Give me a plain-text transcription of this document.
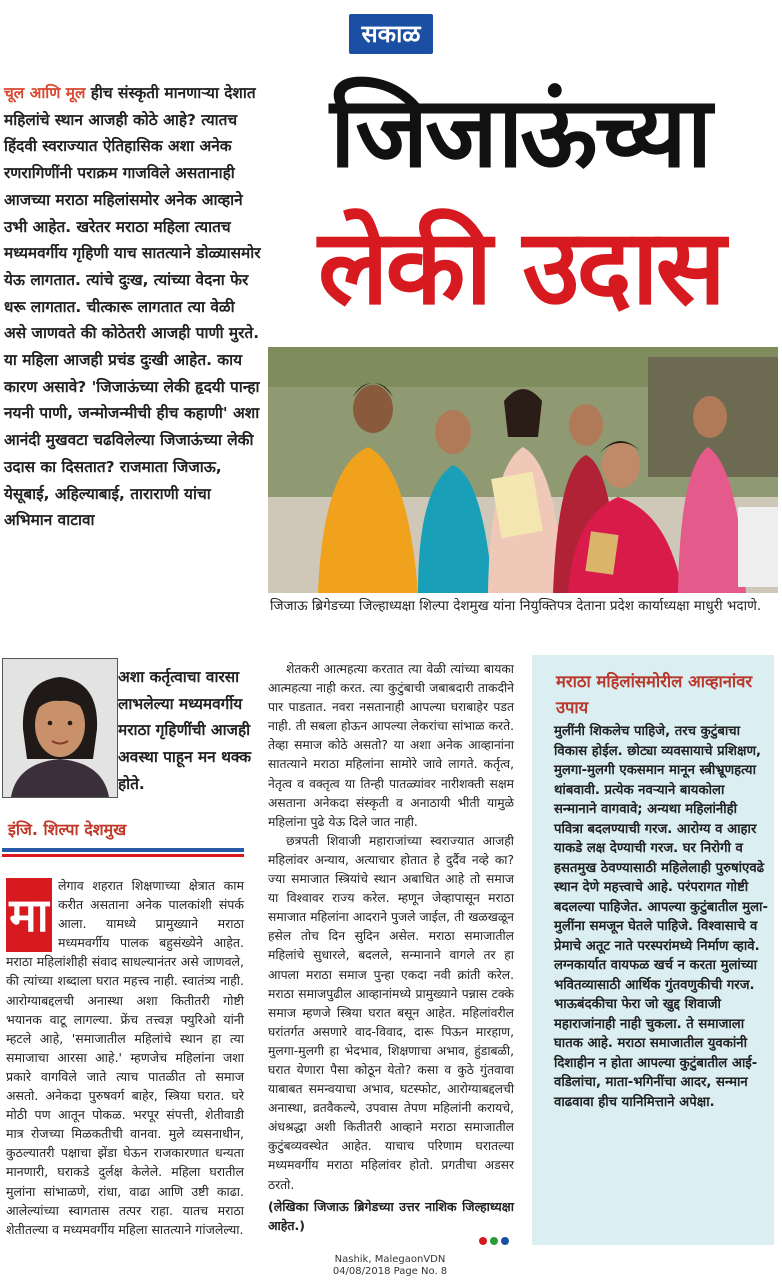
सकाळ
जिजाऊंच्या
लेकी उदास
चूल आणि मूल हीच संस्कृती मानणाऱ्या देशात महिलांचे स्थान आजही कोठे आहे? त्यातच हिंदवी स्वराज्यात ऐतिहासिक अशा अनेक रणरागिणींनी पराक्रम गाजविले असतानाही आजच्या मराठा महिलांसमोर अनेक आव्हाने उभी आहेत. खरेतर मराठा महिला त्यातच मध्यमवर्गीय गृहिणी याच सातत्याने डोळ्यासमोर येऊ लागतात. त्यांचे दुःख, त्यांच्या वेदना फेर धरू लागतात. चीत्कारू लागतात त्या वेळी असे जाणवते की कोठेतरी आजही पाणी मुरते. या महिला आजही प्रचंड दुःखी आहेत. काय कारण असावे? 'जिजाऊंच्या लेकी हृदयी पान्हा नयनी पाणी, जन्मोजन्मीची हीच कहाणी' अशा आनंदी मुखवटा चढविलेल्या जिजाऊंच्या लेकी उदास का दिसतात? राजमाता जिजाऊ, येसूबाई, अहिल्याबाई, ताराराणी यांचा अभिमान वाटावा
अशा कर्तृत्वाचा वारसा लाभलेल्या मध्यमवर्गीय मराठा गृहिणींची आजही अवस्था पाहून मन थक्क होते.
इंजि. शिल्पा देशमुख
जिजाऊ ब्रिगेडच्या जिल्हाध्यक्षा शिल्पा देशमुख यांना नियुक्तिपत्र देताना प्रदेश कार्याध्यक्षा माधुरी भदाणे.
मा
लेगाव शहरात शिक्षणाच्या क्षेत्रात काम करीत असताना अनेक पालकांशी संपर्क आला. यामध्ये प्रामुख्याने मराठा मध्यमवर्गीय पालक बहुसंख्येने आहेत. मराठा महिलांशीही संवाद साधल्यानंतर असे जाणवले, की त्यांच्या शब्दाला घरात महत्त्व नाही. स्वातंत्र्य नाही. आरोग्याबद्दलची अनास्था अशा कितीतरी गोष्टी भयानक वाटू लागल्या. फ्रेंच तत्त्वज्ञ फ्युरिओ यांनी म्हटले आहे, 'समाजातील महिलांचे स्थान हा त्या समाजाचा आरसा आहे.' म्हणजेच महिलांना जशा प्रकारे वागविले जाते त्याच पातळीत तो समाज असतो. अनेकदा पुरुषवर्ग बाहेर, स्त्रिया घरात. घरे मोठी पण आतून पोकळ. भरपूर संपत्ती, शेतीवाडी मात्र रोजच्या मिळकतीची वानवा. मुले व्यसनाधीन, कुठल्यातरी पक्षाचा झेंडा घेऊन राजकारणात धन्यता मानणारी, घराकडे दुर्लक्ष केलेले. महिला घरातील मुलांना सांभाळणे, रांधा, वाढा आणि उष्टी काढा. आलेल्यांच्या स्वागतास तत्पर राहा. यातच मराठा शेतीतल्या व मध्यमवर्गीय महिला सातत्याने गांजलेल्या.

शेतकरी आत्महत्या करतात त्या वेळी त्यांच्या बायका आत्महत्या नाही करत. त्या कुटुंबाची जबाबदारी ताकदीने पार पाडतात. नवरा नसतानाही आपल्या घराबाहेर पडत नाही. ती सबला होऊन आपल्या लेकरांचा सांभाळ करते. तेव्हा समाज कोठे असतो? या अशा अनेक आव्हानांना सातत्याने मराठा महिलांना सामोरे जावे लागते. कर्तृत्व, नेतृत्व व वक्तृत्व या तिन्ही पातळ्यांवर नारीशक्ती सक्षम असताना अनेकदा संस्कृती व अनाठायी भीती यामुळे महिलांना पुढे येऊ दिले जात नाही.

छत्रपती शिवाजी महाराजांच्या स्वराज्यात आजही महिलांवर अन्याय, अत्याचार होतात हे दुर्दैव नव्हे का? ज्या समाजात स्त्रियांचे स्थान अबाधित आहे तो समाज या विश्वावर राज्य करेल. म्हणून जेव्हापासून मराठा समाजात महिलांना आदराने पुजले जाईल, ती खळखळून हसेल तोच दिन सुदिन असेल. मराठा समाजातील महिलांचे सुधारले, बदलले, सन्मानाने वागले तर हा आपला मराठा समाज पुन्हा एकदा नवी क्रांती करेल. मराठा समाजपुढील आव्हानांमध्ये प्रामुख्याने पन्नास टक्के समाज म्हणजे स्त्रिया घरात बसून आहेत. महिलांवरील घरांतर्गत असणारे वाद-विवाद, दारू पिऊन मारहाण, मुलगा-मुलगी हा भेदभाव, शिक्षणाचा अभाव, हुंडाबळी, घरात येणारा पैसा कोठून येतो? कसा व कुठे गुंतवावा याबाबत समन्वयाचा अभाव, घटस्फोट, आरोग्याबद्दलची अनास्था, व्रतवैकल्ये, उपवास तेपण महिलांनी करायचे, अंधश्रद्धा अशी कितीतरी आव्हाने मराठा समाजातील कुटुंबव्यवस्थेत आहेत. याचाच परिणाम घरातल्या मध्यमवर्गीय मराठा महिलांवर होतो. प्रगतीचा अडसर ठरतो.

(लेखिका जिजाऊ ब्रिगेडच्या उत्तर नाशिक जिल्हाध्यक्षा आहेत.)

मराठा महिलांसमोरील आव्हानांवर उपाय
मुलींनी शिकलेच पाहिजे, तरच कुटुंबाचा विकास होईल. छोट्या व्यवसायाचे प्रशिक्षण, मुलगा-मुलगी एकसमान मानून स्त्रीभ्रूणहत्या थांबवावी. प्रत्येक नवऱ्याने बायकोला सन्मानाने वागवावे; अन्यथा महिलांनीही पवित्रा बदलण्याची गरज. आरोग्य व आहार याकडे लक्ष देण्याची गरज. घर निरोगी व हसतमुख ठेवण्यासाठी महिलेलाही पुरुषांएवढे स्थान देणे महत्त्वाचे आहे. परंपरागत गोष्टी बदलल्या पाहिजेत. आपल्या कुटुंबातील मुला-मुलींना समजून घेतले पाहिजे. विश्वासाचे व प्रेमाचे अतूट नाते परस्परांमध्ये निर्माण व्हावे. लग्नकार्यात वायफळ खर्च न करता मुलांच्या भवितव्यासाठी आर्थिक गुंतवणुकीची गरज. भाऊबंदकीचा फेरा जो खुद्द शिवाजी महाराजांनाही नाही चुकला. ते समाजाला घातक आहे. मराठा समाजातील युवकांनी दिशाहीन न होता आपल्या कुटुंबातील आई-वडिलांचा, माता-भगिनींचा आदर, सन्मान वाढवावा हीच यानिमित्ताने अपेक्षा.
Nashik, MalegaonVDN
04/08/2018 Page No. 8
